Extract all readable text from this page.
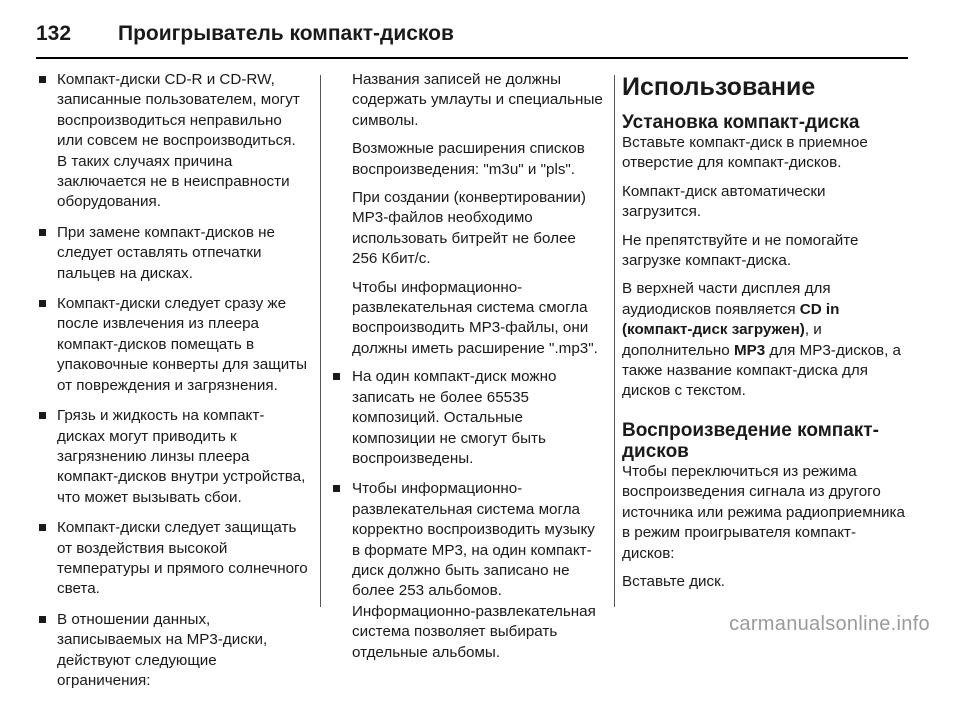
132	Проигрыватель компакт-дисков
Компакт-диски CD-R и CD-RW, записанные пользователем, могут воспроизводиться неправильно или совсем не воспроизводиться. В таких случаях причина заключается не в неисправности оборудования.
При замене компакт-дисков не следует оставлять отпечатки пальцев на дисках.
Компакт-диски следует сразу же после извлечения из плеера компакт-дисков помещать в упаковочные конверты для защиты от повреждения и загрязнения.
Грязь и жидкость на компакт-дисках могут приводить к загрязнению линзы плеера компакт-дисков внутри устройства, что может вызывать сбои.
Компакт-диски следует защищать от воздействия высокой температуры и прямого солнечного света.
В отношении данных, записываемых на MP3-диски, действуют следующие ограничения:

Названия записей не должны содержать умлауты и специальные символы.

Возможные расширения списков воспроизведения: "m3u" и "pls".

При создании (конвертировании) MP3-файлов необходимо использовать битрейт не более 256 Кбит/с.

Чтобы информационно-развлекательная система смогла воспроизводить MP3-файлы, они должны иметь расширение ".mp3".

На один компакт-диск можно записать не более 65535 композиций. Остальные композиции не смогут быть воспроизведены.
Чтобы информационно-развлекательная система могла корректно воспроизводить музыку в формате MP3, на один компакт-диск должно быть записано не более 253 альбомов. Информационно-развлекательная система позволяет выбирать отдельные альбомы.
Использование
Установка компакт-диска

Вставьте компакт-диск в приемное отверстие для компакт-дисков.

Компакт-диск автоматически загрузится.

Не препятствуйте и не помогайте загрузке компакт-диска.

В верхней части дисплея для аудиодисков появляется CD in (компакт-диск загружен), и дополнительно MP3 для MP3-дисков, а также название компакт-диска для дисков с текстом.

Воспроизведение компакт-дисков

Чтобы переключиться из режима воспроизведения сигнала из другого источника или режима радиоприемника в режим проигрывателя компакт-дисков:

Вставьте диск.

carmanualsonline.info
